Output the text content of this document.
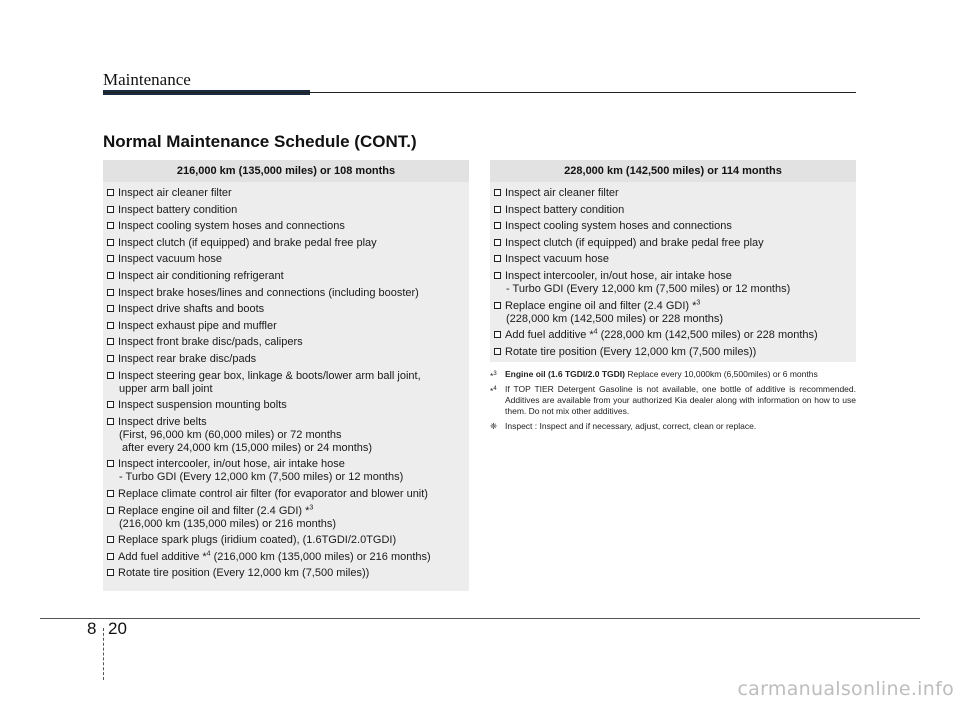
Maintenance
Normal Maintenance Schedule (CONT.)
216,000 km (135,000 miles) or 108 months
Inspect air cleaner filter
Inspect battery condition
Inspect cooling system hoses and connections
Inspect clutch (if equipped) and brake pedal free play
Inspect vacuum hose
Inspect air conditioning refrigerant
Inspect brake hoses/lines and connections (including booster)
Inspect drive shafts and boots
Inspect exhaust pipe and muffler
Inspect front brake disc/pads, calipers
Inspect rear brake disc/pads
Inspect steering gear box, linkage & boots/lower arm ball joint,
upper arm ball joint
Inspect suspension mounting bolts
Inspect drive belts
(First, 96,000 km (60,000 miles) or 72 months
after every 24,000 km (15,000 miles) or 24 months)
Inspect intercooler, in/out hose, air intake hose
- Turbo GDI (Every 12,000 km (7,500 miles) or 12 months)
Replace climate control air filter (for evaporator and blower unit)
Replace engine oil and filter (2.4 GDI) *$^3$
(216,000 km (135,000 miles) or 216 months)
Replace spark plugs (iridium coated), (1.6TGDI/2.0TGDI)
Add fuel additive *$^4$ (216,000 km (135,000 miles) or 216 months)
Rotate tire position (Every 12,000 km (7,500 miles))
228,000 km (142,500 miles) or 114 months
Inspect air cleaner filter
Inspect battery condition
Inspect cooling system hoses and connections
Inspect clutch (if equipped) and brake pedal free play
Inspect vacuum hose
Inspect intercooler, in/out hose, air intake hose
- Turbo GDI (Every 12,000 km (7,500 miles) or 12 months)
Replace engine oil and filter (2.4 GDI) *$^3$
(228,000 km (142,500 miles) or 228 months)
Add fuel additive *$^4$ (228,000 km (142,500 miles) or 228 months)
Rotate tire position (Every 12,000 km (7,500 miles))
*$^3$ Engine oil (1.6 TGDI/2.0 TGDI) Replace every 10,000km (6,500miles) or 6 months
*$^4$ If TOP TIER Detergent Gasoline is not available, one bottle of additive is recommended. Additives are available from your authorized Kia dealer along with information on how to use them. Do not mix other additives.
❈ Inspect : Inspect and if necessary, adjust, correct, clean or replace.
8 20
carmanualsonline.info
